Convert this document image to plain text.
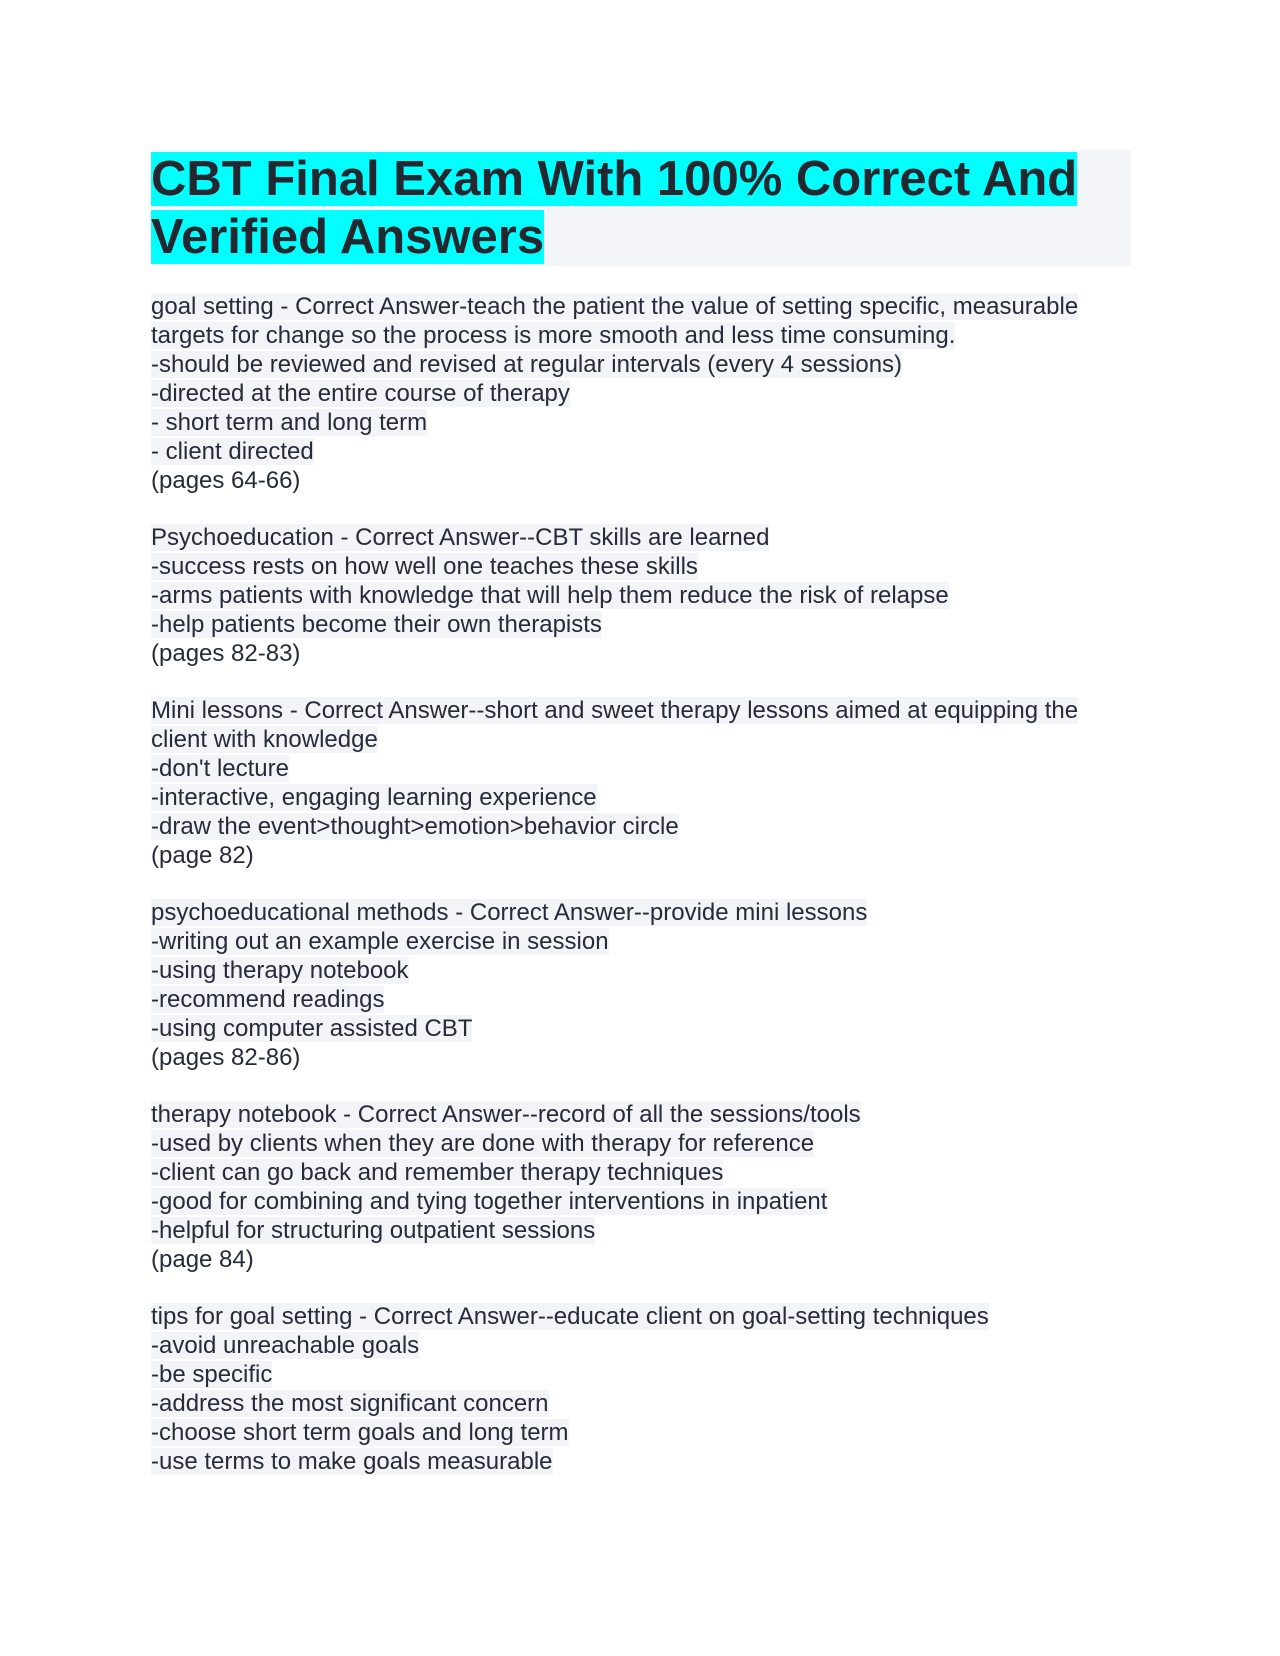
CBT Final Exam With 100% Correct And
Verified Answers
goal setting - Correct Answer-teach the patient the value of setting specific, measurable
targets for change so the process is more smooth and less time consuming.
-should be reviewed and revised at regular intervals (every 4 sessions)
-directed at the entire course of therapy
- short term and long term
- client directed
(pages 64-66)
Psychoeducation - Correct Answer--CBT skills are learned
-success rests on how well one teaches these skills
-arms patients with knowledge that will help them reduce the risk of relapse
-help patients become their own therapists
(pages 82-83)
Mini lessons - Correct Answer--short and sweet therapy lessons aimed at equipping the
client with knowledge
-don't lecture
-interactive, engaging learning experience
-draw the event>thought>emotion>behavior circle
(page 82)
psychoeducational methods - Correct Answer--provide mini lessons
-writing out an example exercise in session
-using therapy notebook
-recommend readings
-using computer assisted CBT
(pages 82-86)
therapy notebook - Correct Answer--record of all the sessions/tools
-used by clients when they are done with therapy for reference
-client can go back and remember therapy techniques
-good for combining and tying together interventions in inpatient
-helpful for structuring outpatient sessions
(page 84)
tips for goal setting - Correct Answer--educate client on goal-setting techniques
-avoid unreachable goals
-be specific
-address the most significant concern
-choose short term goals and long term
-use terms to make goals measurable
